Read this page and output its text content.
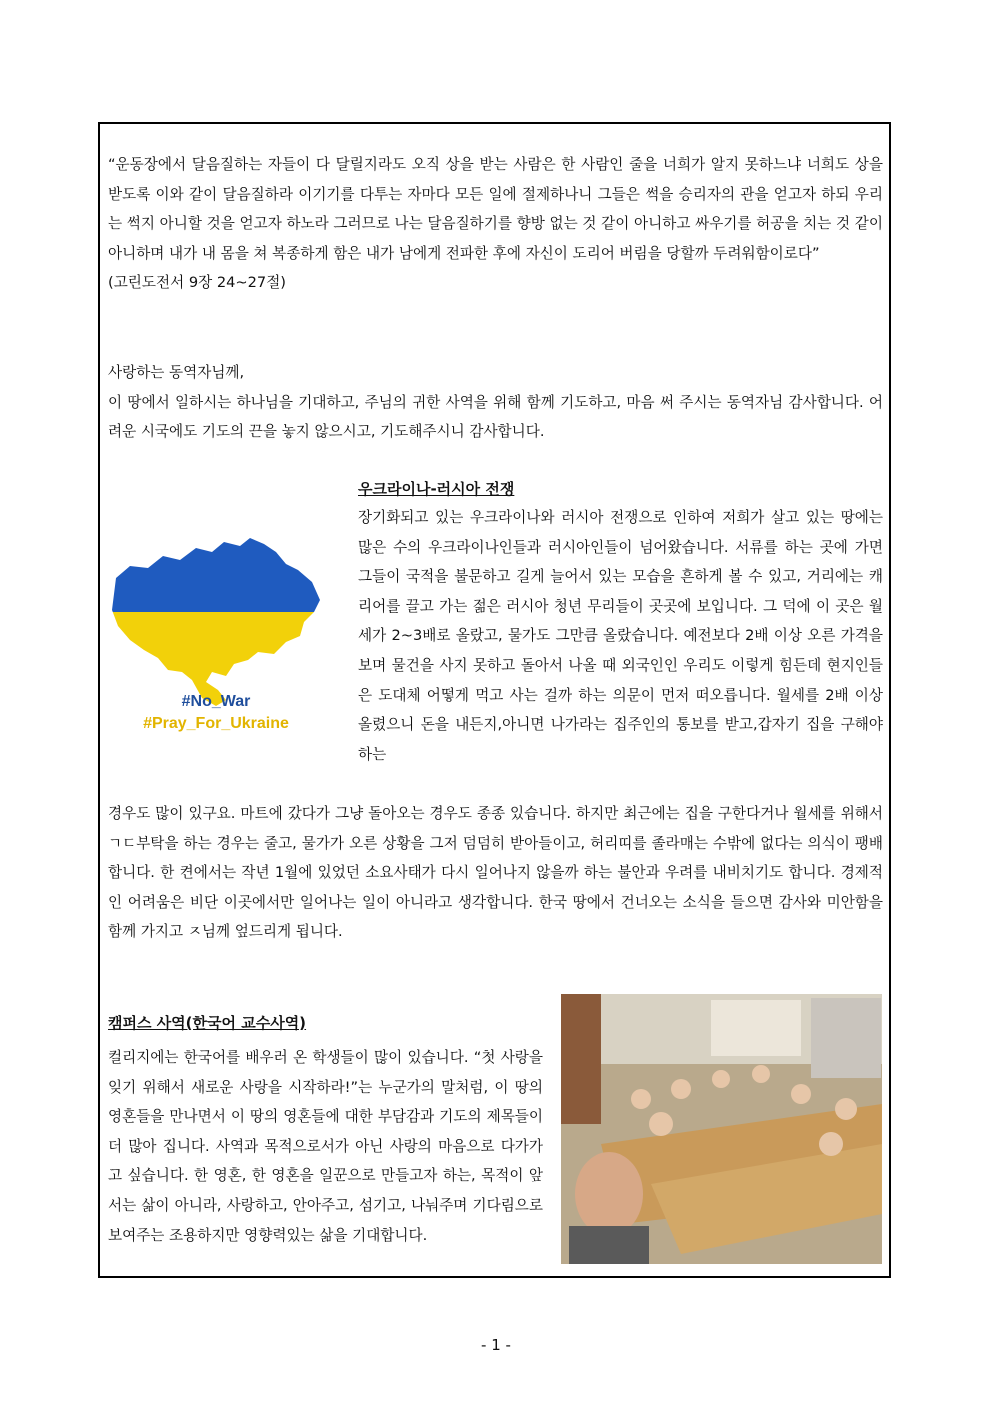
“운동장에서 달음질하는 자들이 다 달릴지라도 오직 상을 받는 사람은 한 사람인 줄을 너희가 알지 못하느냐 너희도 상을 받도록 이와 같이 달음질하라 이기기를 다투는 자마다 모든 일에 절제하나니 그들은 썩을 승리자의 관을 얻고자 하되 우리는 썩지 아니할 것을 얻고자 하노라 그러므로 나는 달음질하기를 향방 없는 것 같이 아니하고 싸우기를 허공을 치는 것 같이 아니하며 내가 내 몸을 쳐 복종하게 함은 내가 남에게 전파한 후에 자신이 도리어 버림을 당할까 두려워함이로다”
(고린도전서 9장 24~27절)

사랑하는 동역자님께,
이 땅에서 일하시는 하나님을 기대하고, 주님의 귀한 사역을 위해 함께 기도하고, 마음 써 주시는 동역자님 감사합니다. 어려운 시국에도 기도의 끈을 놓지 않으시고, 기도해주시니 감사합니다.

우크라이나-러시아 전쟁
#No_War
#Pray_For_Ukraine

장기화되고 있는 우크라이나와 러시아 전쟁으로 인하여 저희가 살고 있는 땅에는 많은 수의 우크라이나인들과 러시아인들이 넘어왔습니다. 서류를 하는 곳에 가면 그들이 국적을 불문하고 길게 늘어서 있는 모습을 흔하게 볼 수 있고, 거리에는 캐리어를 끌고 가는 젊은 러시아 청년 무리들이 곳곳에 보입니다. 그 덕에 이 곳은 월세가 2~3배로 올랐고, 물가도 그만큼 올랐습니다. 예전보다 2배 이상 오른 가격을 보며 물건을 사지 못하고 돌아서 나올 때 외국인인 우리도 이렇게 힘든데 현지인들은 도대체 어떻게 먹고 사는 걸까 하는 의문이 먼저 떠오릅니다. 월세를 2배 이상 올렸으니 돈을 내든지,아니면 나가라는 집주인의 통보를 받고,갑자기 집을 구해야 하는

경우도 많이 있구요. 마트에 갔다가 그냥 돌아오는 경우도 종종 있습니다. 하지만 최근에는 집을 구한다거나 월세를 위해서 ㄱㄷ부탁을 하는 경우는 줄고, 물가가 오른 상황을 그저 덤덤히 받아들이고, 허리띠를 졸라매는 수밖에 없다는 의식이 팽배합니다. 한 켠에서는 작년 1월에 있었던 소요사태가 다시 일어나지 않을까 하는 불안과 우려를 내비치기도 합니다. 경제적인 어려움은 비단 이곳에서만 일어나는 일이 아니라고 생각합니다. 한국 땅에서 건너오는 소식을 들으면 감사와 미안함을 함께 가지고 ㅈ님께 엎드리게 됩니다.

캠퍼스 사역(한국어 교수사역)

컬리지에는 한국어를 배우러 온 학생들이 많이 있습니다. “첫 사랑을 잊기 위해서 새로운 사랑을 시작하라!”는 누군가의 말처럼, 이 땅의 영혼들을 만나면서 이 땅의 영혼들에 대한 부담감과 기도의 제목들이 더 많아 집니다. 사역과 목적으로서가 아닌 사랑의 마음으로 다가가고 싶습니다. 한 영혼, 한 영혼을 일꾼으로 만들고자 하는, 목적이 앞서는 삶이 아니라, 사랑하고, 안아주고, 섬기고, 나눠주며 기다림으로 보여주는 조용하지만 영향력있는 삶을 기대합니다.

- 1 -
